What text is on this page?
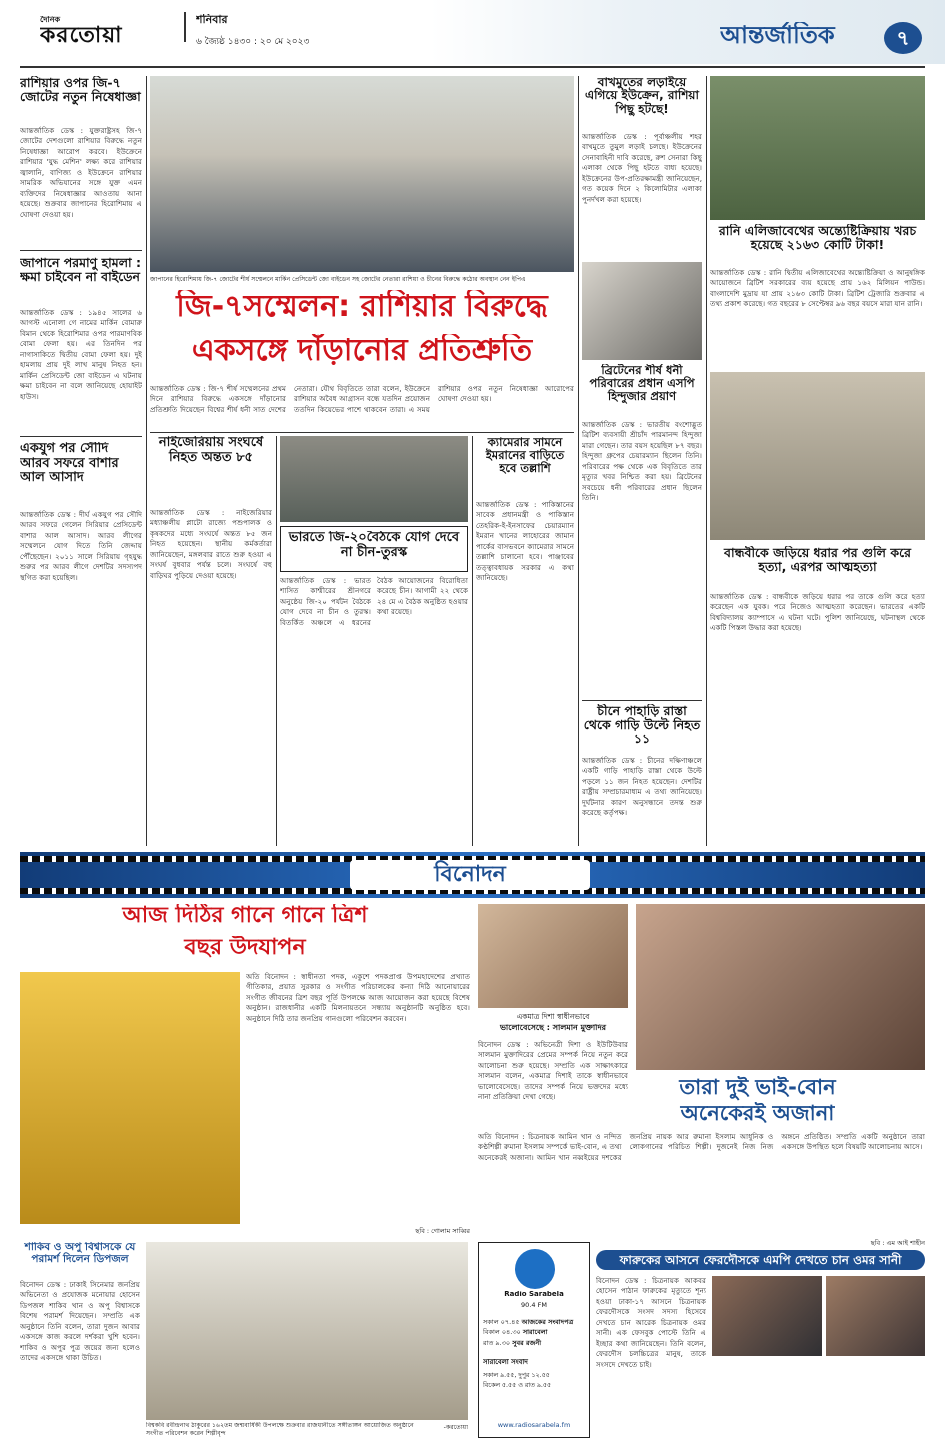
দৈনিক
করতোয়া
শনিবার
৬ জ্যৈষ্ঠ ১৪৩০ : ২০ মে ২০২৩	আন্তর্জাতিক	৭
রাশিয়ার ওপর জি-৭ জোটের নতুন নিষেধাজ্ঞা
আন্তর্জাতিক ডেস্ক : যুক্তরাষ্ট্রসহ জি-৭ জোটের দেশগুলো রাশিয়ার বিরুদ্ধে নতুন নিষেধাজ্ঞা আরোপ করবে। ইউক্রেনে রাশিয়ার 'যুদ্ধ মেশিন' লক্ষ্য করে রাশিয়ার জ্বালানি, বাণিজ্য ও ইউক্রেনে রাশিয়ার সামরিক অভিযানের সঙ্গে যুক্ত এমন ব্যক্তিদের নিষেধাজ্ঞার আওতায় আনা হয়েছে। শুক্রবার জাপানের হিরোশিমায় এ ঘোষণা দেওয়া হয়।
জাপানে পরমাণু হামলা : ক্ষমা চাইবেন না বাইডেন
আন্তর্জাতিক ডেস্ক : ১৯৪৫ সালের ৬ আগস্ট এনোলা গে নামের মার্কিন বোমারু বিমান থেকে হিরোশিমার ওপর পারমাণবিক বোমা ফেলা হয়। এর তিনদিন পর নাগাসাকিতে দ্বিতীয় বোমা ফেলা হয়। দুই হামলায় প্রায় দুই লাখ মানুষ নিহত হন। মার্কিন প্রেসিডেন্ট জো বাইডেন এ ঘটনায় ক্ষমা চাইবেন না বলে জানিয়েছে হোয়াইট হাউস।
একযুগ পর সৌদি আরব সফরে বাশার আল আসাদ
আন্তর্জাতিক ডেস্ক : দীর্ঘ একযুগ পর সৌদি আরব সফরে গেলেন সিরিয়ার প্রেসিডেন্ট বাশার আল আসাদ। আরব লীগের সম্মেলনে যোগ দিতে তিনি জেদ্দায় পৌঁছেছেন। ২০১১ সালে সিরিয়ায় গৃহযুদ্ধ শুরুর পর আরব লীগে দেশটির সদস্যপদ স্থগিত করা হয়েছিল।
জাপানের হিরোশিমায় জি-৭ জোটের শীর্ষ সম্মেলনে মার্কিন প্রেসিডেন্ট জো বাইডেন সহ জোটের নেতারা রাশিয়া ও চীনের বিরুদ্ধে কঠোর অবস্থান নেন ইপিএ
জি-৭সম্মেলন: রাশিয়ার বিরুদ্ধে
একসঙ্গে দাঁড়ানোর প্রতিশ্রুতি
আন্তর্জাতিক ডেস্ক : জি-৭ শীর্ষ সম্মেলনের প্রথম দিনে রাশিয়ার বিরুদ্ধে একসঙ্গে দাঁড়ানোর প্রতিশ্রুতি দিয়েছেন বিশ্বের শীর্ষ ধনী সাত দেশের নেতারা। যৌথ বিবৃতিতে তারা বলেন, ইউক্রেনে রাশিয়ার অবৈধ আগ্রাসন বন্ধে যতদিন প্রয়োজন ততদিন কিয়েভের পাশে থাকবেন তারা। এ সময় রাশিয়ার ওপর নতুন নিষেধাজ্ঞা আরোপের ঘোষণা দেওয়া হয়।
নাইজেরিয়ায় সংঘর্ষে নিহত অন্তত ৮৫
আন্তর্জাতিক ডেস্ক : নাইজেরিয়ার মধ্যাঞ্চলীয় প্লাটো রাজ্যে পশুপালক ও কৃষকদের মধ্যে সংঘর্ষে অন্তত ৮৫ জন নিহত হয়েছেন। স্থানীয় কর্মকর্তারা জানিয়েছেন, মঙ্গলবার রাতে শুরু হওয়া এ সংঘর্ষ বুধবার পর্যন্ত চলে। সংঘর্ষে বহু বাড়িঘর পুড়িয়ে দেওয়া হয়েছে।
ভারতে জি-২০বৈঠকে যোগ দেবে না চীন-তুরস্ক
আন্তর্জাতিক ডেস্ক : ভারত শাসিত কাশ্মীরের শ্রীনগরে অনুষ্ঠেয় জি-২০ পর্যটন বৈঠকে যোগ দেবে না চীন ও তুরস্ক। বিতর্কিত অঞ্চলে এ ধরনের বৈঠক আয়োজনের বিরোধিতা করেছে চীন। আগামী ২২ থেকে ২৪ মে এ বৈঠক অনুষ্ঠিত হওয়ার কথা রয়েছে।
ক্যামেরার সামনে ইমরানের বাড়িতে হবে তল্লাশি
আন্তর্জাতিক ডেস্ক : পাকিস্তানের সাবেক প্রধানমন্ত্রী ও পাকিস্তান তেহরিক-ই-ইনসাফের চেয়ারম্যান ইমরান খানের লাহোরের জামান পার্কের বাসভবনে ক্যামেরার সামনে তল্লাশি চালানো হবে। পাঞ্জাবের তত্ত্বাবধায়ক সরকার এ কথা জানিয়েছে।
বাখমুতের লড়াইয়ে এগিয়ে ইউক্রেন, রাশিয়া পিছু হটছে!
আন্তর্জাতিক ডেস্ক : পূর্বাঞ্চলীয় শহর বাখমুতে তুমুল লড়াই চলছে। ইউক্রেনের সেনাবাহিনী দাবি করেছে, রুশ সেনারা কিছু এলাকা থেকে পিছু হটতে বাধ্য হয়েছে। ইউক্রেনের উপ-প্রতিরক্ষামন্ত্রী জানিয়েছেন, গত কয়েক দিনে ২ কিলোমিটার এলাকা পুনর্দখল করা হয়েছে।
ব্রিটেনের শীর্ষ ধনী পরিবারের প্রধান এসপি হিন্দুজার প্রয়াণ
আন্তর্জাতিক ডেস্ক : ভারতীয় বংশোদ্ভূত ব্রিটিশ ব্যবসায়ী শ্রীচাঁদ পারমানন্দ হিন্দুজা মারা গেছেন। তার বয়স হয়েছিল ৮৭ বছর। হিন্দুজা গ্রুপের চেয়ারম্যান ছিলেন তিনি। পরিবারের পক্ষ থেকে এক বিবৃতিতে তার মৃত্যুর খবর নিশ্চিত করা হয়। ব্রিটেনের সবচেয়ে ধনী পরিবারের প্রধান ছিলেন তিনি।
চীনে পাহাড়ি রাস্তা থেকে গাড়ি উল্টে নিহত ১১
আন্তর্জাতিক ডেস্ক : চীনের দক্ষিণাঞ্চলে একটি গাড়ি পাহাড়ি রাস্তা থেকে উল্টে পড়লে ১১ জন নিহত হয়েছেন। দেশটির রাষ্ট্রীয় সম্প্রচারমাধ্যম এ তথ্য জানিয়েছে। দুর্ঘটনার কারণ অনুসন্ধানে তদন্ত শুরু করেছে কর্তৃপক্ষ।
রানি এলিজাবেথের অন্ত্যেষ্টিক্রিয়ায় খরচ হয়েছে ২১৬৩ কোটি টাকা!
আন্তর্জাতিক ডেস্ক : রানি দ্বিতীয় এলিজাবেথের অন্ত্যেষ্টিক্রিয়া ও আনুষঙ্গিক আয়োজনে ব্রিটিশ সরকারের ব্যয় হয়েছে প্রায় ১৬২ মিলিয়ন পাউন্ড। বাংলাদেশি মুদ্রায় যা প্রায় ২১৬৩ কোটি টাকা। ব্রিটিশ ট্রেজারি শুক্রবার এ তথ্য প্রকাশ করেছে। গত বছরের ৮ সেপ্টেম্বর ৯৬ বছর বয়সে মারা যান রানি।
বান্ধবীকে জড়িয়ে ধরার পর গুলি করে হত্যা, এরপর আত্মহত্যা
আন্তর্জাতিক ডেস্ক : বান্ধবীকে জড়িয়ে ধরার পর তাকে গুলি করে হত্যা করেছেন এক যুবক। পরে নিজেও আত্মহত্যা করেছেন। ভারতের একটি বিশ্ববিদ্যালয় ক্যাম্পাসে এ ঘটনা ঘটে। পুলিশ জানিয়েছে, ঘটনাস্থল থেকে একটি পিস্তল উদ্ধার করা হয়েছে।
বিনোদন
আজ দিঠির গানে গানে ত্রিশ
বছর উদযাপন
অতি বিনোদন : স্বাধীনতা পদক, একুশে পদকপ্রাপ্ত উপমহাদেশের প্রখ্যাত গীতিকার, প্রয়াত সুরকার ও সংগীত পরিচালকের কন্যা দিঠি আনোয়ারের সংগীত জীবনের ত্রিশ বছর পূর্তি উপলক্ষে আজ আয়োজন করা হয়েছে বিশেষ অনুষ্ঠান। রাজধানীর একটি মিলনায়তনে সন্ধ্যায় অনুষ্ঠানটি অনুষ্ঠিত হবে। অনুষ্ঠানে দিঠি তার জনপ্রিয় গানগুলো পরিবেশন করবেন।
ছবি : গোলাম সাব্বির
একমাত্র দিশা স্বাধীনভাবে
ভালোবেসেছে : সালমান মুক্তাদির
বিনোদন ডেস্ক : অভিনেত্রী দিশা ও ইউটিউবার সালমান মুক্তাদিরের প্রেমের সম্পর্ক নিয়ে নতুন করে আলোচনা শুরু হয়েছে। সম্প্রতি এক সাক্ষাৎকারে সালমান বলেন, একমাত্র দিশাই তাকে স্বাধীনভাবে ভালোবেসেছে। তাদের সম্পর্ক নিয়ে ভক্তদের মধ্যে নানা প্রতিক্রিয়া দেখা গেছে।	তারা দুই ভাই-বোন
অনেকেরই অজানা
অতি বিনোদন : চিত্রনায়ক আমিন খান ও নন্দিত কণ্ঠশিল্পী রুমানা ইসলাম সম্পর্কে ভাই-বোন, এ তথ্য অনেকেরই অজানা। আমিন খান নব্বইয়ের দশকের জনপ্রিয় নায়ক আর রুমানা ইসলাম আধুনিক ও লোকগানের পরিচিত শিল্পী। দুজনেই নিজ নিজ অঙ্গনে প্রতিষ্ঠিত। সম্প্রতি একটি অনুষ্ঠানে তারা একসঙ্গে উপস্থিত হলে বিষয়টি আলোচনায় আসে।
ছবি : এম আই শাহীন
শাকিব ও অপু বিশ্বাসকে যে পরামর্শ দিলেন ডিপজল
বিনোদন ডেস্ক : ঢাকাই সিনেমার জনপ্রিয় অভিনেতা ও প্রযোজক মনোয়ার হোসেন ডিপজল শাকিব খান ও অপু বিশ্বাসকে বিশেষ পরামর্শ দিয়েছেন। সম্প্রতি এক অনুষ্ঠানে তিনি বলেন, তারা দুজন আবার একসঙ্গে কাজ করলে দর্শকরা খুশি হবেন। শাকিব ও অপুর পুত্র জয়ের জন্য হলেও তাদের একসঙ্গে থাকা উচিত।
বিশ্বকবি রবীন্দ্রনাথ ঠাকুরের ১৬২তম জন্মবার্ষিকী উপলক্ষে শুক্রবার রাজধানীতে সঙ্গীতাঙ্গন আয়োজিত অনুষ্ঠানে সংগীত পরিবেশন করেন শিল্পীবৃন্দ
-করতোয়া
Radio Sarabela
90.4 FM
সকাল ০৭.৪৫ আজকের সংবাদপত্র
বিকাল ০৪.৩০ সারাবেলা
রাত ৯.৩০ সুবর রজনী
সারাবেলা সংবাদ
সকাল ৯.৫৫, দুপুর ১২.৫৫
বিকেল ৫.৫৫ ও রাত ৯.৫৫
www.radiosarabela.fm
ফারুকের আসনে ফেরদৌসকে এমপি দেখতে চান ওমর সানী
বিনোদন ডেস্ক : চিত্রনায়ক আকবর হোসেন পাঠান ফারুকের মৃত্যুতে শূন্য হওয়া ঢাকা-১৭ আসনে চিত্রনায়ক ফেরদৌসকে সংসদ সদস্য হিসেবে দেখতে চান আরেক চিত্রনায়ক ওমর সানী। এক ফেসবুক পোস্টে তিনি এ ইচ্ছার কথা জানিয়েছেন। তিনি বলেন, ফেরদৌস চলচ্চিত্রের মানুষ, তাকে সংসদে দেখতে চাই।
